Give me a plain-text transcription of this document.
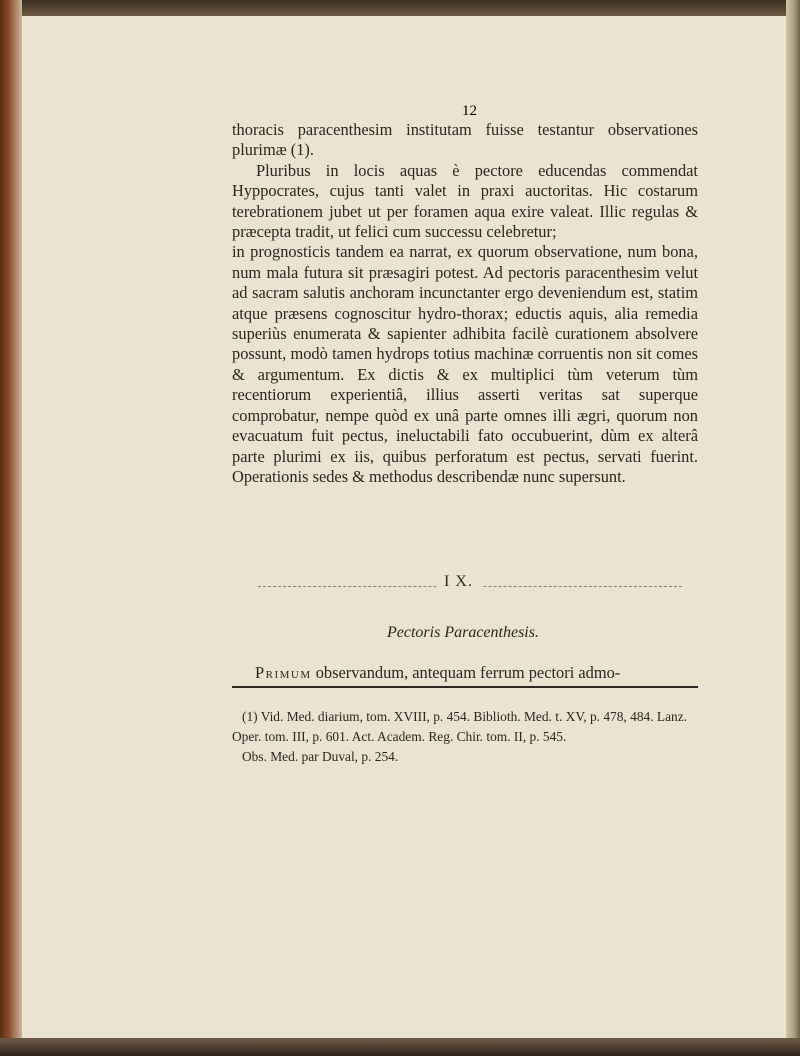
12

thoracis paracenthesim institutam fuisse testantur observationes plurimæ (1).

Pluribus in locis aquas è pectore educendas commendat Hyppocrates, cujus tanti valet in praxi auctoritas. Hic costarum terebrationem jubet ut per foramen aqua exire valeat. Illic regulas & præcepta tradit, ut felici cum successu celebretur;

in prognosticis tandem ea narrat, ex quorum observatione, num bona, num mala futura sit præsagiri potest. Ad pectoris paracenthesim velut ad sacram salutis anchoram incunctanter ergo deveniendum est, statim atque præsens cognoscitur hydro-thorax; eductis aquis, alia remedia superiùs enumerata & sapienter adhibita facilè curationem absolvere possunt, modò tamen hydrops totius machinæ corruentis non sit comes & argumentum. Ex dictis & ex multiplici tùm veterum tùm recentiorum experientiâ, illius asserti veritas sat superque comprobatur, nempe quòd ex unâ parte omnes illi ægri, quorum non evacuatum fuit pectus, ineluctabili fato occubuerint, dùm ex alterâ parte plurimi ex iis, quibus perforatum est pectus, servati fuerint. Operationis sedes & methodus describendæ nunc supersunt.

I X.
Pectoris Paracenthesis.
Primum observandum, antequam ferrum pectori admo-

(1) Vid. Med. diarium, tom. XVIII, p. 454. Biblioth. Med. t. XV, p. 478, 484. Lanz. Oper. tom. III, p. 601. Act. Academ. Reg. Chir. tom. II, p. 545.

Obs. Med. par Duval, p. 254.
